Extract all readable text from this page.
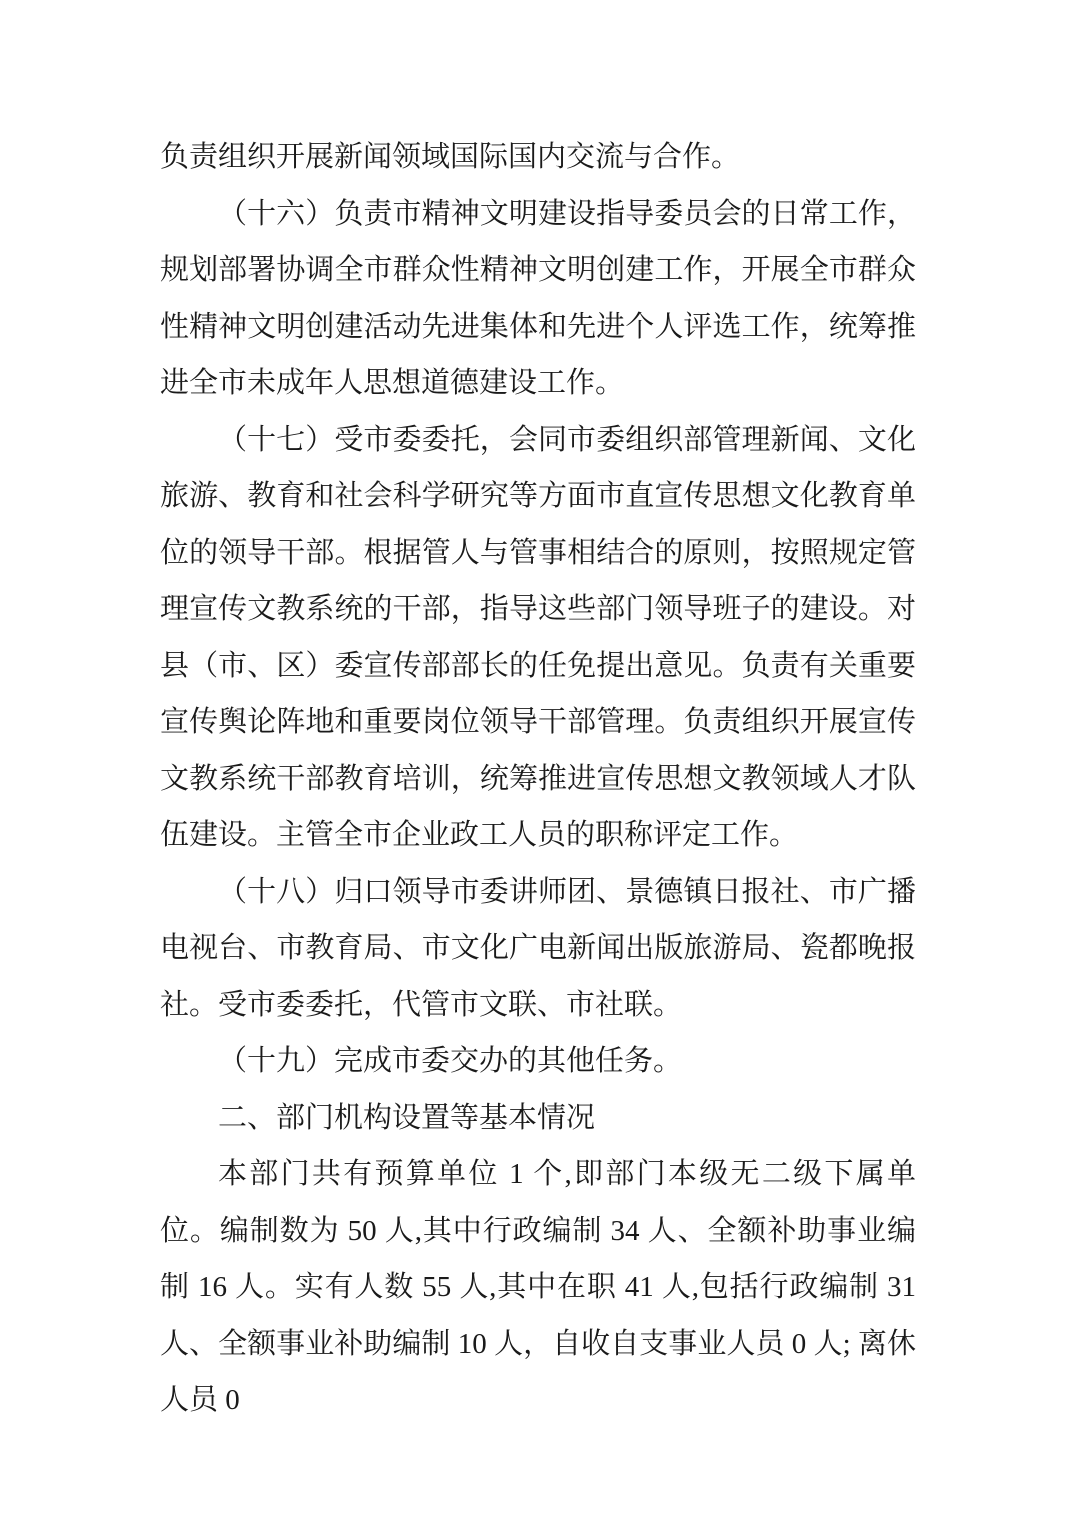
负责组织开展新闻领域国际国内交流与合作。

（十六）负责市精神文明建设指导委员会的日常工作，规划部署协调全市群众性精神文明创建工作，开展全市群众性精神文明创建活动先进集体和先进个人评选工作，统筹推进全市未成年人思想道德建设工作。

（十七）受市委委托，会同市委组织部管理新闻、文化旅游、教育和社会科学研究等方面市直宣传思想文化教育单位的领导干部。根据管人与管事相结合的原则，按照规定管理宣传文教系统的干部，指导这些部门领导班子的建设。对县（市、区）委宣传部部长的任免提出意见。负责有关重要宣传舆论阵地和重要岗位领导干部管理。负责组织开展宣传文教系统干部教育培训，统筹推进宣传思想文教领域人才队伍建设。主管全市企业政工人员的职称评定工作。

（十八）归口领导市委讲师团、景德镇日报社、市广播电视台、市教育局、市文化广电新闻出版旅游局、瓷都晚报社。受市委委托，代管市文联、市社联。

（十九）完成市委交办的其他任务。

二、部门机构设置等基本情况

本部门共有预算单位 1 个,即部门本级无二级下属单位。编制数为 50 人,其中行政编制 34 人、全额补助事业编制 16 人。实有人数 55 人,其中在职 41 人,包括行政编制 31 人、全额事业补助编制 10 人，自收自支事业人员 0 人; 离休人员 0
